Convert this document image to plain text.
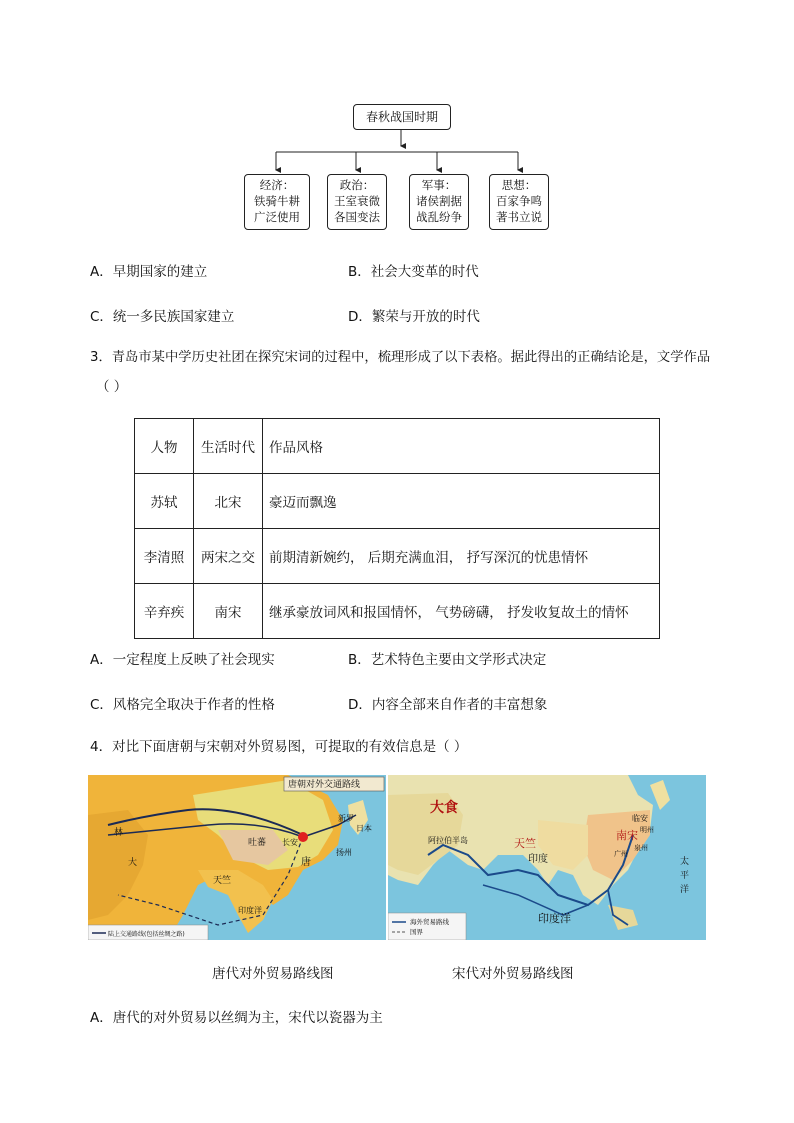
春秋战国时期
经济：
铁骑牛耕
广泛使用
政治：
王室衰微
各国变法
军事：
诸侯割据
战乱纷争
思想：
百家争鸣
著书立说
A．早期国家的建立	B．社会大变革的时代
C．统一多民族国家建立	D．繁荣与开放的时代
3．青岛市某中学历史社团在探究宋词的过程中，梳理形成了以下表格。据此得出的正确结论是，文学作品
（ ）
人物	生活时代	作品风格
苏轼	北宋	豪迈而飘逸
李清照	两宋之交	前期清新婉约， 后期充满血泪， 抒写深沉的忧患情怀
辛弃疾	南宋	继承豪放词风和报国情怀， 气势磅礴， 抒发收复故土的情怀
A．一定程度上反映了社会现实	B．艺术特色主要由文学形式决定
C．风格完全取决于作者的性格	D．内容全部来自作者的丰富想象
4．对比下面唐朝与宋朝对外贸易图，可提取的有效信息是（ ）
唐朝对外交通路线
长安
吐蕃
唐
天竺
扬州
日本
新罗
大
林
印度洋
陆上交通路线(包括丝绸之路)
大食
天竺
印度
阿拉伯半岛	南宋
临安
明州
泉州
广州
印度洋
太平洋
海外贸易路线
国界
唐代对外贸易路线图	宋代对外贸易路线图
A．唐代的对外贸易以丝绸为主，宋代以瓷器为主
